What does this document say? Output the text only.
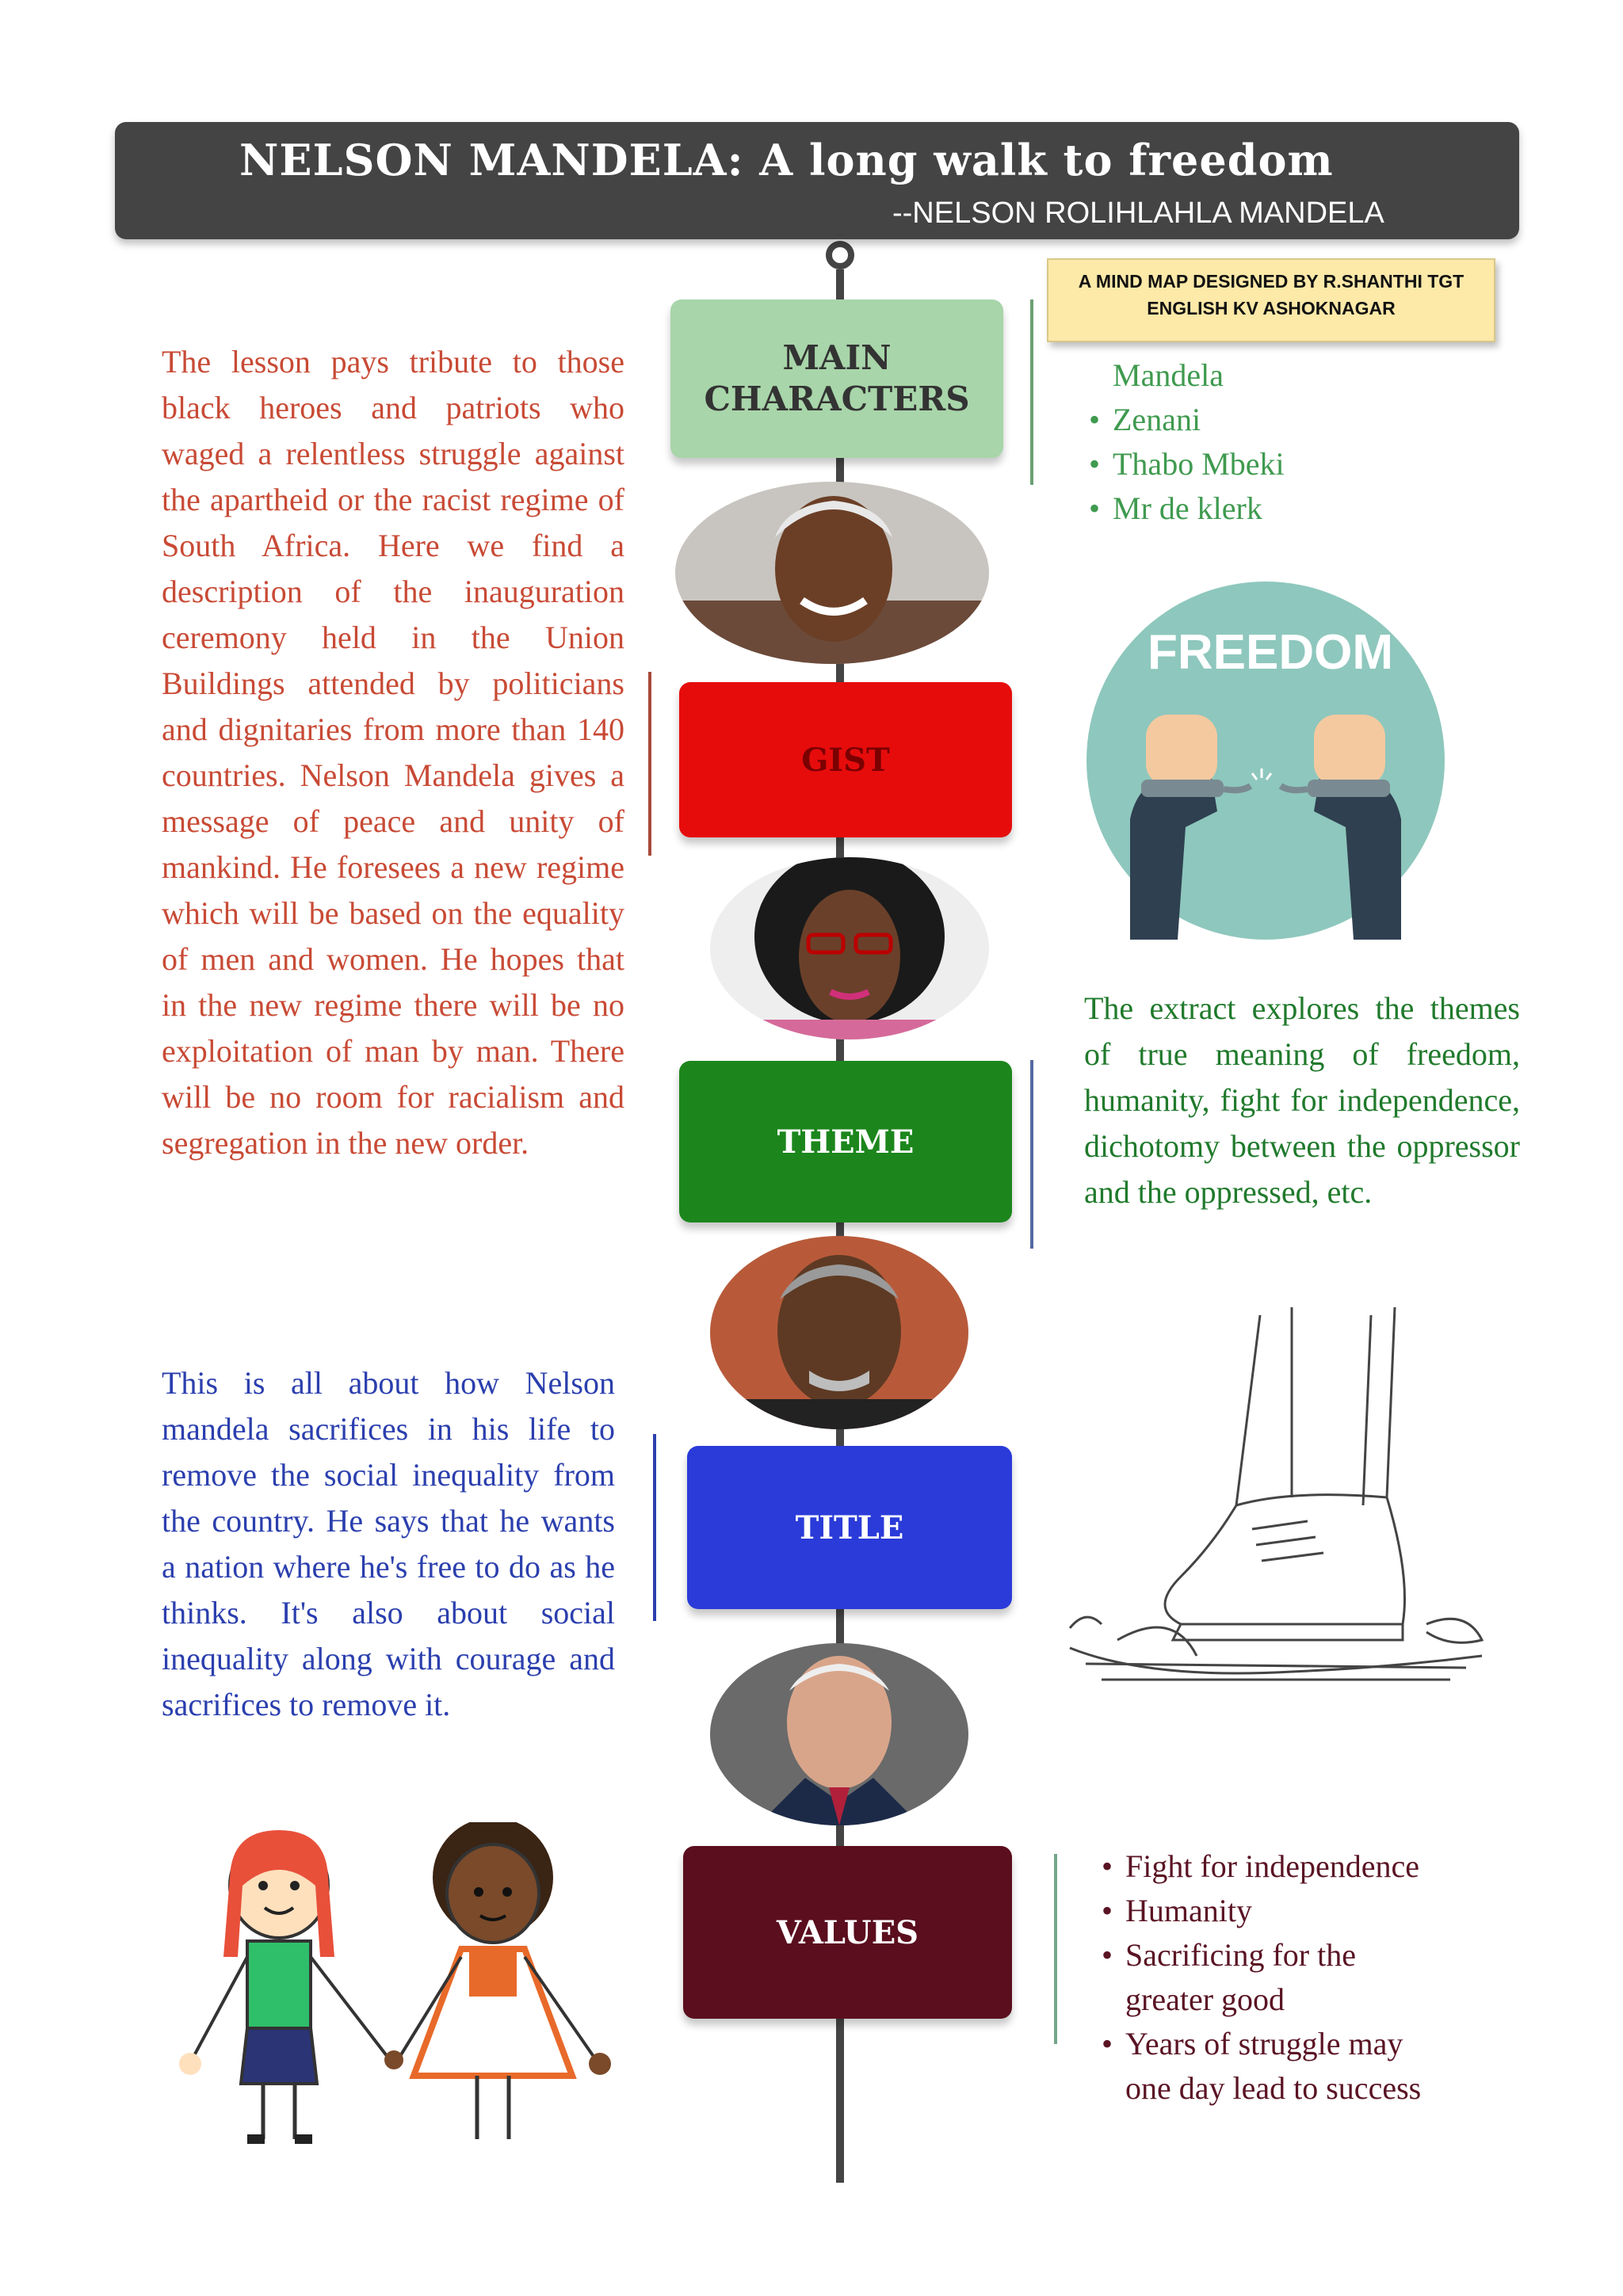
NELSON MANDELA: A long walk to freedom
--NELSON ROLIHLAHLA MANDELA
A MIND MAP DESIGNED BY R.SHANTHI TGT
ENGLISH KV ASHOKNAGAR
MAIN
CHARACTERS
GIST
THEME
TITLE
VALUES
Mandela
• Zenani
• Thabo Mbeki
• Mr de klerk
FREEDOM
The lesson pays tribute to those black heroes and patriots who waged a relentless struggle against the apartheid or the racist regime of South Africa. Here we find a description of the inauguration ceremony held in the Union Buildings attended by politicians and dignitaries from more than 140 countries. Nelson Mandela gives a message of peace and unity of mankind. He foresees a new regime which will be based on the equality of men and women. He hopes that in the new regime there will be no exploitation of man by man. There will be no room for racialism and segregation in the new order.
This is all about how Nelson mandela sacrifices in his life to remove the social inequality from the country. He says that he wants a nation where he's free to do as he thinks. It's also about social inequality along with courage and sacrifices to remove it.
The extract explores the themes of true meaning of freedom, humanity, fight for independence, dichotomy between the oppressor and the oppressed, etc.
• Fight for independence
• Humanity
• Sacrificing for the
greater good
• Years of struggle may
one day lead to success
